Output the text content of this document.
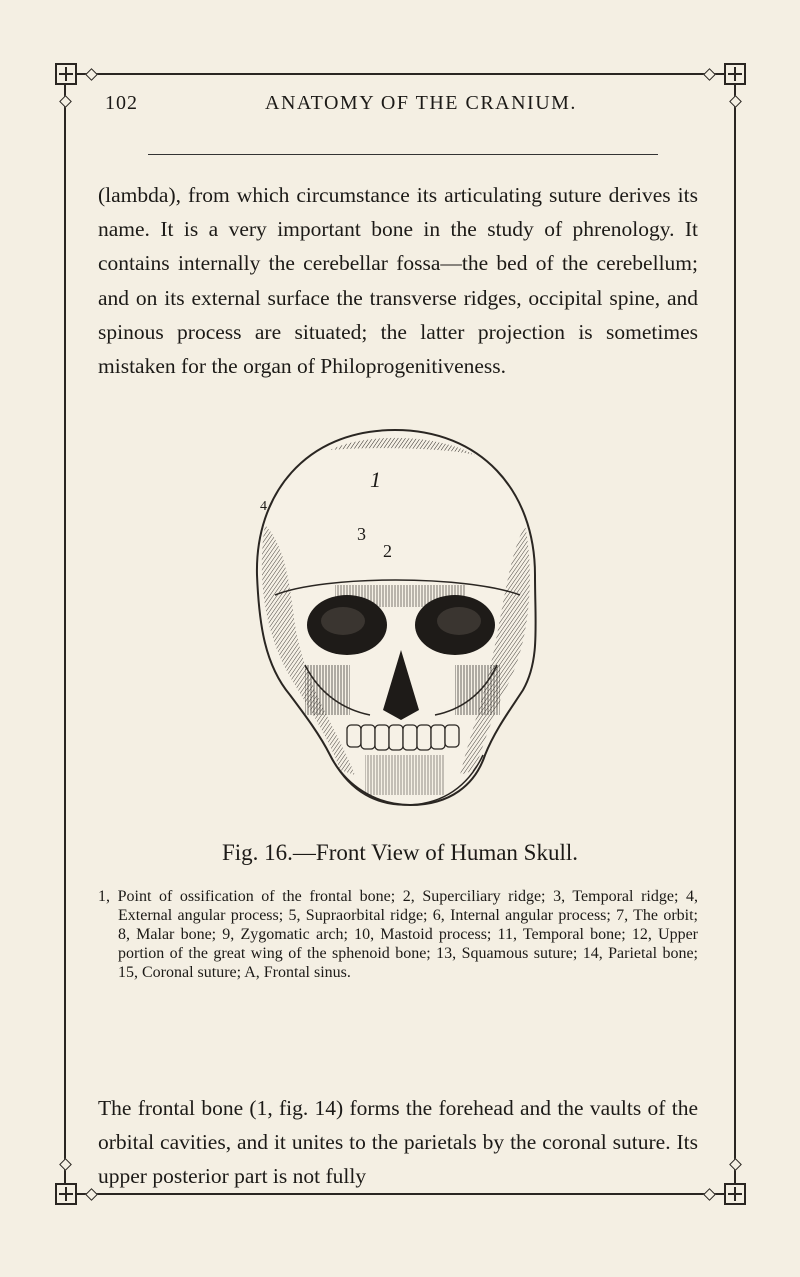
102	ANATOMY OF THE CRANIUM.
(lambda), from which circumstance its articulating suture derives its name. It is a very important bone in the study of phrenology. It contains internally the cerebellar fossa—the bed of the cerebellum; and on its external surface the transverse ridges, occipital spine, and spinous process are situated; the latter projection is sometimes mistaken for the organ of Philoprogenitiveness.
1
2
3
4
Fig. 16.—Front View of Human Skull.
1, Point of ossification of the frontal bone; 2, Superciliary ridge; 3, Temporal ridge; 4, External angular process; 5, Supraorbital ridge; 6, Internal angular process; 7, The orbit; 8, Malar bone; 9, Zygomatic arch; 10, Mastoid process; 11, Temporal bone; 12, Upper portion of the great wing of the sphenoid bone; 13, Squamous suture; 14, Parietal bone; 15, Coronal suture; A, Frontal sinus.
The frontal bone (1, fig. 14) forms the forehead and the vaults of the orbital cavities, and it unites to the parietals by the coronal suture. Its upper posterior part is not fully
